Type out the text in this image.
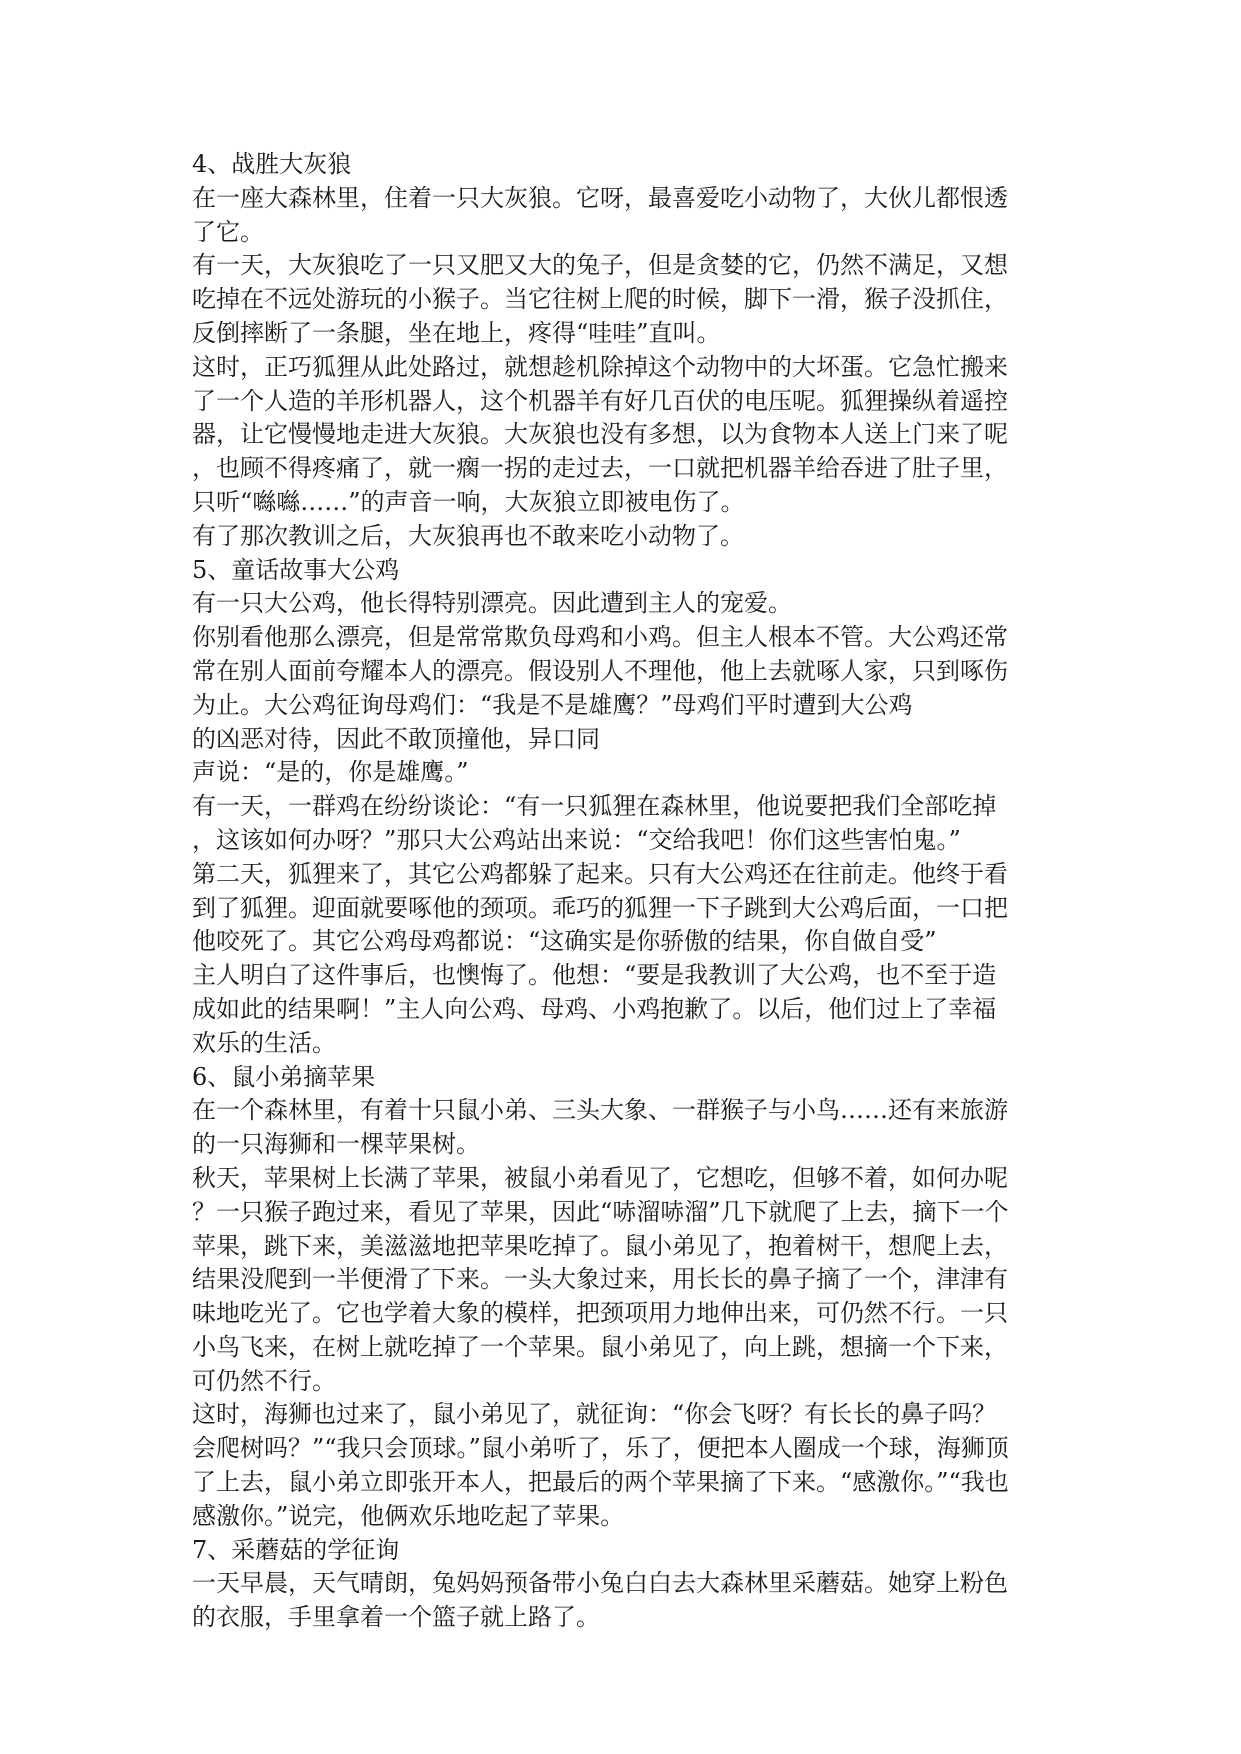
4、战胜大灰狼

在一座大森林里，住着一只大灰狼。它呀，最喜爱吃小动物了，大伙儿都恨透

了它。

有一天，大灰狼吃了一只又肥又大的兔子，但是贪婪的它，仍然不满足，又想

吃掉在不远处游玩的小猴子。当它往树上爬的时候，脚下一滑，猴子没抓住，

反倒摔断了一条腿，坐在地上，疼得“哇哇”直叫。

这时，正巧狐狸从此处路过，就想趁机除掉这个动物中的大坏蛋。它急忙搬来

了一个人造的羊形机器人，这个机器羊有好几百伏的电压呢。狐狸操纵着遥控

器，让它慢慢地走进大灰狼。大灰狼也没有多想，以为食物本人送上门来了呢

，也顾不得疼痛了，就一瘸一拐的走过去，一口就把机器羊给吞进了肚子里，

只听“噝噝……”的声音一响，大灰狼立即被电伤了。

有了那次教训之后，大灰狼再也不敢来吃小动物了。

5、童话故事大公鸡

有一只大公鸡，他长得特别漂亮。因此遭到主人的宠爱。

你别看他那么漂亮，但是常常欺负母鸡和小鸡。但主人根本不管。大公鸡还常

常在别人面前夸耀本人的漂亮。假设别人不理他，他上去就啄人家，只到啄伤

为止。大公鸡征询母鸡们：“我是不是雄鹰？”母鸡们平时遭到大公鸡

的凶恶对待，因此不敢顶撞他，异口同

声说：“是的，你是雄鹰。”

有一天，一群鸡在纷纷谈论：“有一只狐狸在森林里，他说要把我们全部吃掉

，这该如何办呀？”那只大公鸡站出来说：“交给我吧！你们这些害怕鬼。”

第二天，狐狸来了，其它公鸡都躲了起来。只有大公鸡还在往前走。他终于看

到了狐狸。迎面就要啄他的颈项。乖巧的狐狸一下子跳到大公鸡后面，一口把

他咬死了。其它公鸡母鸡都说：“这确实是你骄傲的结果，你自做自受”

主人明白了这件事后，也懊悔了。他想：“要是我教训了大公鸡，也不至于造

成如此的结果啊！”主人向公鸡、母鸡、小鸡抱歉了。以后，他们过上了幸福

欢乐的生活。

6、鼠小弟摘苹果

在一个森林里，有着十只鼠小弟、三头大象、一群猴子与小鸟……还有来旅游

的一只海狮和一棵苹果树。

秋天，苹果树上长满了苹果，被鼠小弟看见了，它想吃，但够不着，如何办呢

？一只猴子跑过来，看见了苹果，因此“哧溜哧溜”几下就爬了上去，摘下一个

苹果，跳下来，美滋滋地把苹果吃掉了。鼠小弟见了，抱着树干，想爬上去，

结果没爬到一半便滑了下来。一头大象过来，用长长的鼻子摘了一个，津津有

味地吃光了。它也学着大象的模样，把颈项用力地伸出来，可仍然不行。一只

小鸟飞来，在树上就吃掉了一个苹果。鼠小弟见了，向上跳，想摘一个下来，

可仍然不行。

这时，海狮也过来了，鼠小弟见了，就征询：“你会飞呀？有长长的鼻子吗？

会爬树吗？”“我只会顶球。”鼠小弟听了，乐了，便把本人圈成一个球，海狮顶

了上去，鼠小弟立即张开本人，把最后的两个苹果摘了下来。“感激你。”“我也

感激你。”说完，他俩欢乐地吃起了苹果。

7、采蘑菇的学征询

一天早晨，天气晴朗，兔妈妈预备带小兔白白去大森林里采蘑菇。她穿上粉色

的衣服，手里拿着一个篮子就上路了。
